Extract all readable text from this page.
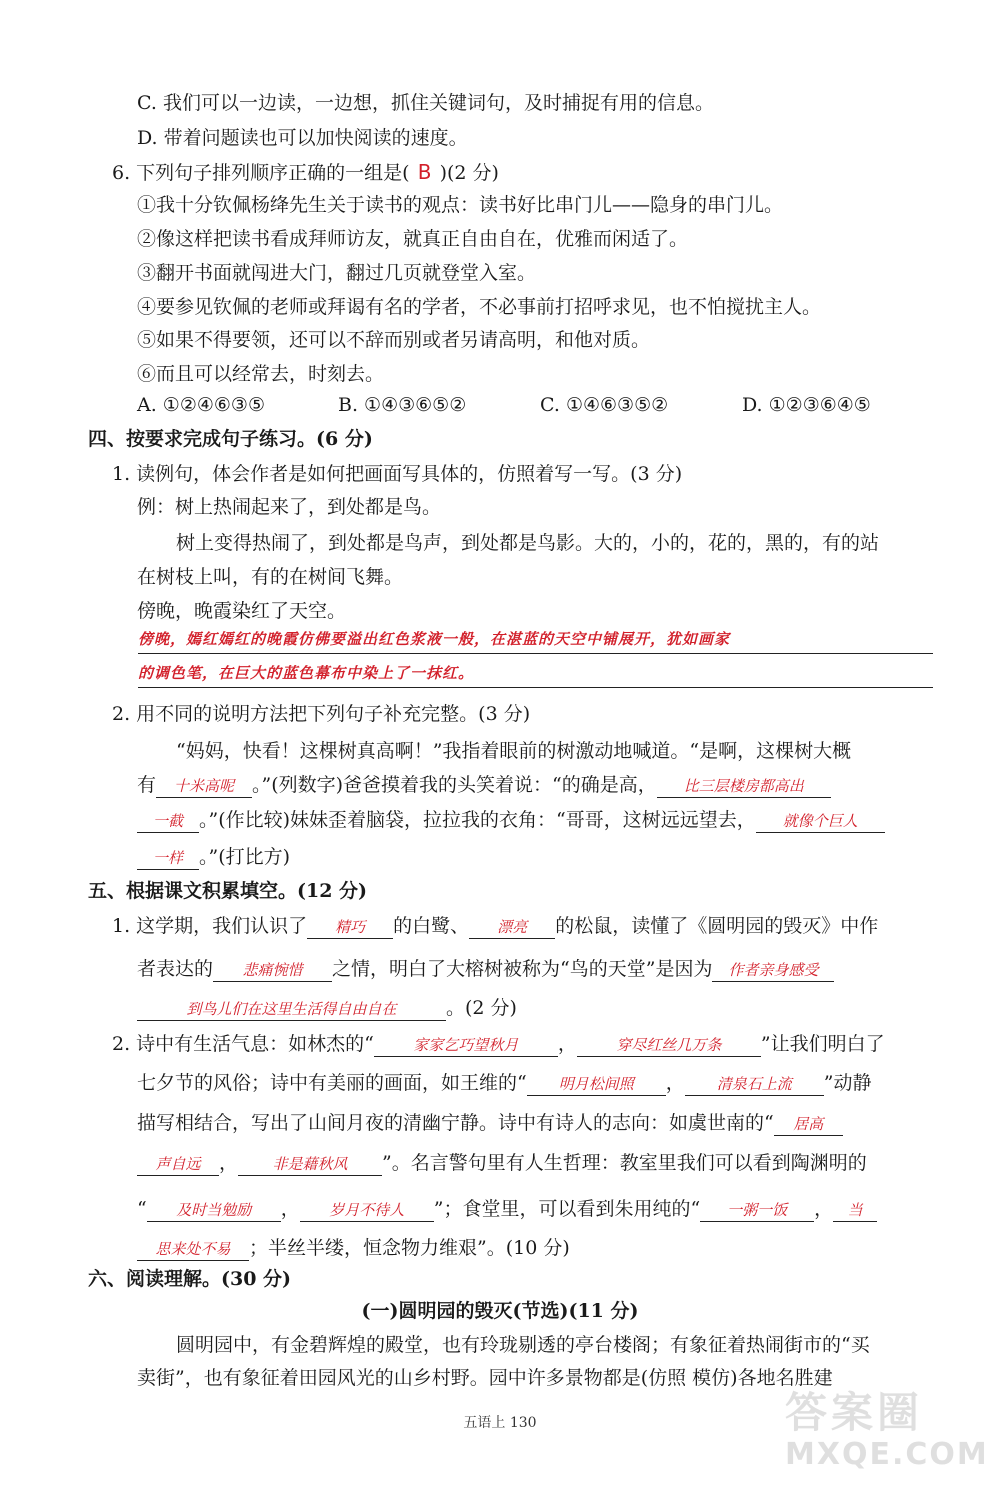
C. 我们可以一边读，一边想，抓住关键词句，及时捕捉有用的信息。
D. 带着问题读也可以加快阅读的速度。
6. 下列句子排列顺序正确的一组是( B )(2 分)
①我十分钦佩杨绛先生关于读书的观点：读书好比串门儿——隐身的串门儿。
②像这样把读书看成拜师访友，就真正自由自在，优雅而闲适了。
③翻开书面就闯进大门，翻过几页就登堂入室。
④要参见钦佩的老师或拜谒有名的学者，不必事前打招呼求见，也不怕搅扰主人。
⑤如果不得要领，还可以不辞而别或者另请高明，和他对质。
⑥而且可以经常去，时刻去。
A. ①②④⑥③⑤	B. ①④③⑥⑤②	C. ①④⑥③⑤②	D. ①②③⑥④⑤
四、按要求完成句子练习。(6 分)
1. 读例句，体会作者是如何把画面写具体的，仿照着写一写。(3 分)
例：树上热闹起来了，到处都是鸟。
树上变得热闹了，到处都是鸟声，到处都是鸟影。大的，小的，花的，黑的，有的站
在树枝上叫，有的在树间飞舞。
傍晚，晚霞染红了天空。
傍晚，嫣红嫣红的晚霞仿佛要溢出红色浆液一般，在湛蓝的天空中铺展开，犹如画家
的调色笔，在巨大的蓝色幕布中染上了一抹红。
2. 用不同的说明方法把下列句子补充完整。(3 分)
“妈妈，快看！这棵树真高啊！”我指着眼前的树激动地喊道。“是啊，这棵树大概
有 十米高呢 。”(列数字)爸爸摸着我的头笑着说：“的确是高， 比三层楼房都高出
一截 。”(作比较)妹妹歪着脑袋，拉拉我的衣角：“哥哥，这树远远望去， 就像个巨人
一样 。”(打比方)
五、根据课文积累填空。(12 分)
1. 这学期，我们认识了 精巧 的白鹭、 漂亮 的松鼠，读懂了《圆明园的毁灭》中作
者表达的 悲痛惋惜 之情，明白了大榕树被称为“鸟的天堂”是因为 作者亲身感受
到鸟儿们在这里生活得自由自在	。(2 分)
2. 诗中有生活气息：如林杰的“	家家乞巧望秋月 ，	穿尽红丝几万条 ”让我们明白了
七夕节的风俗；诗中有美丽的画面，如王维的“ 明月松间照 ， 清泉石上流 ”动静
描写相结合，写出了山间月夜的清幽宁静。诗中有诗人的志向：如虞世南的“ 居高
声自远 ， 非是藉秋风 ”。名言警句里有人生哲理：教室里我们可以看到陶渊明的
“ 及时当勉励 ， 岁月不待人 ”；食堂里，可以看到朱用纯的“ 一粥一饭 ， 当
思来处不易 ；半丝半缕，恒念物力维艰”。(10 分)
六、阅读理解。(30 分)
(一)圆明园的毁灭(节选)(11 分)
圆明园中，有金碧辉煌的殿堂，也有玲珑剔透的亭台楼阁；有象征着热闹街市的“买
卖街”，也有象征着田园风光的山乡村野。园中许多景物都是(仿照 模仿)各地名胜建
五语上 130	答案圈
MXQE.COM
